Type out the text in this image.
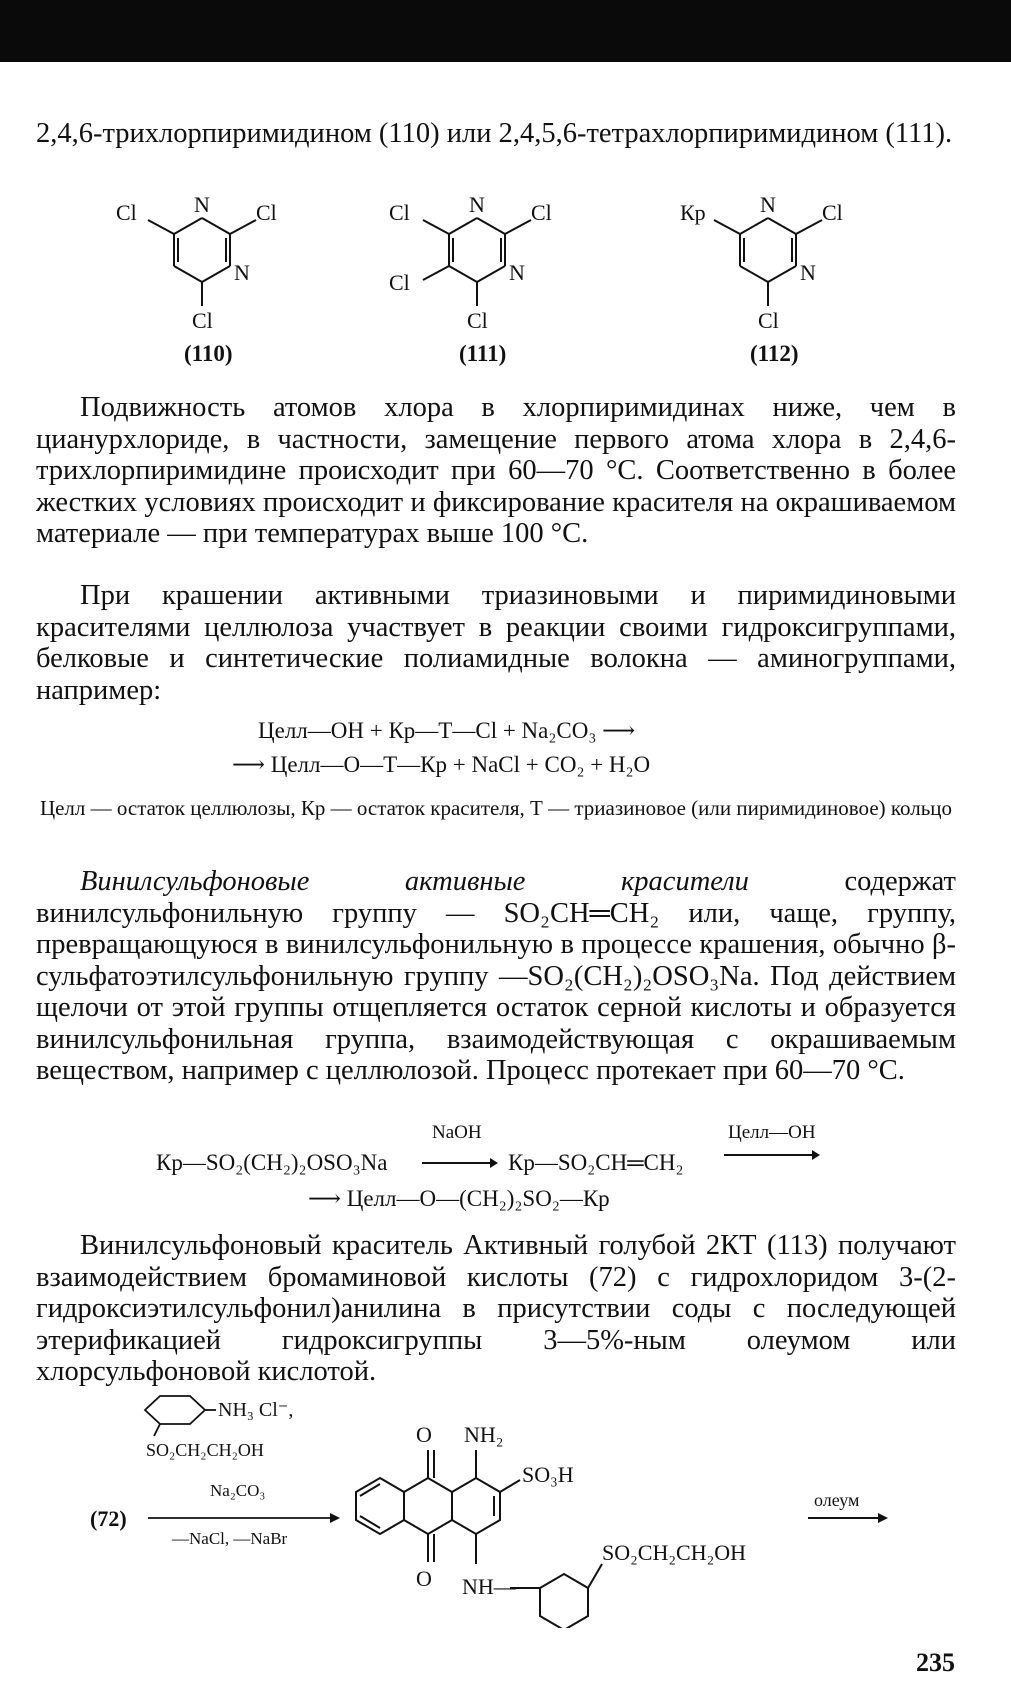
2,4,6-трихлорпиримидином (110) или 2,4,5,6-тетрахлорпиримидином (111).
N
N
Cl	Cl
Cl
(110)
N
N
Cl	Cl
Cl
Cl
(111)
N
N
Кр	Cl
Cl
(112)
Подвижность атомов хлора в хлорпиримидинах ниже, чем в цианурхлориде, в частности, замещение первого атома хлора в 2,4,6-трихлорпиримидине происходит при 60—70 °С. Соответственно в более жестких условиях происходит и фиксирование красителя на окрашиваемом материале — при температурах выше 100 °С.
При крашении активными триазиновыми и пиримидиновыми красителями целлюлоза участвует в реакции своими гидроксигруппами, белковые и синтетические полиамидные волокна — аминогруппами, например:
Целл—ОН + Кр—Т—Cl + Na₂CO₃ ⟶
⟶ Целл—О—Т—Кр + NaCl + CO₂ + H₂O
Целл — остаток целлюлозы, Кр — остаток красителя, Т — триазиновое (или пиримидиновое) кольцо
Винилсульфоновые активные красители содержат винилсульфонильную группу — SO₂CH═CH₂ или, чаще, группу, превращающуюся в винилсульфонильную в процессе крашения, обычно β-сульфатоэтилсульфонильную группу —SO₂(CH₂)₂OSO₃Na. Под действием щелочи от этой группы отщепляется остаток серной кислоты и образуется винилсульфонильная группа, взаимодействующая с окрашиваемым веществом, например с целлюлозой. Процесс протекает при 60—70 °С.
Кр—SO₂(CH₂)₂OSO₃Na
NaOH
Кр—SO₂CH═CH₂
Целл—ОН
⟶ Целл—О—(CH₂)₂SO₂—Кр
Винилсульфоновый краситель Активный голубой 2КТ (113) получают взаимодействием бромаминовой кислоты (72) с гидрохлоридом 3-(2-гидроксиэтилсульфонил)анилина в присутствии соды с последующей этерификацией гидроксигруппы 3—5%-ным олеумом или хлорсульфоновой кислотой.
NH₃ Cl⁻,
SO₂CH₂CH₂OH
Na₂CO₃
—NaCl, —NaBr
(72)
O NH₂
SO₃H
O NH—
SO₂CH₂CH₂OH
олеум
235
